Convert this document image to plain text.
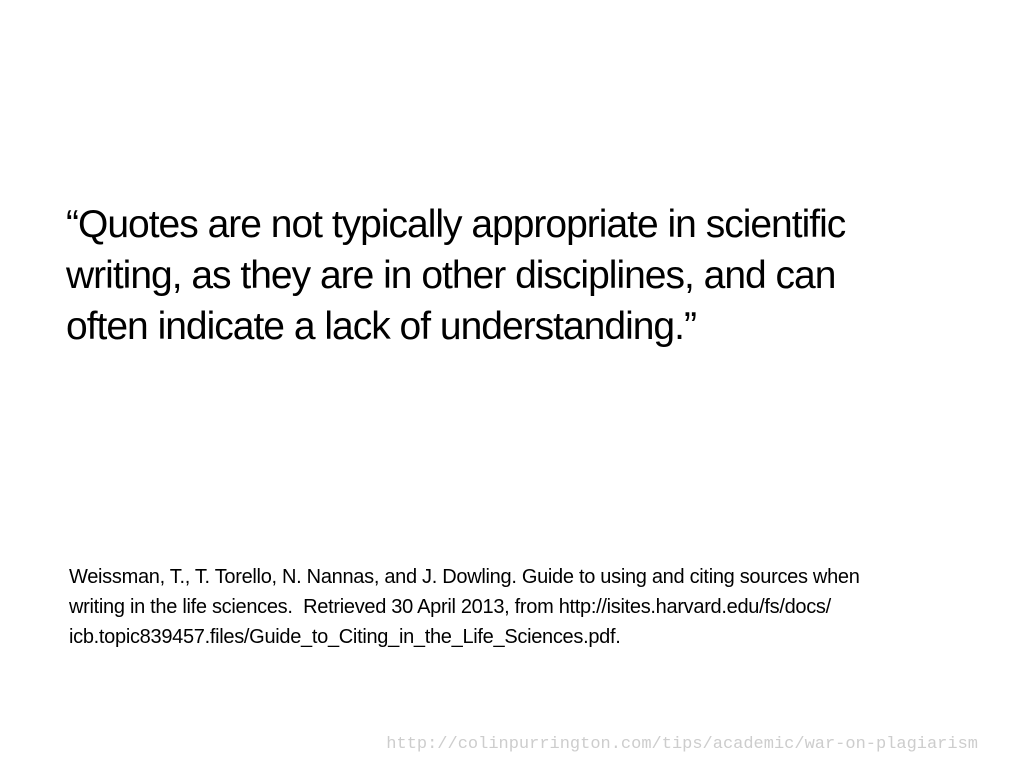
“Quotes are not typically appropriate in scientific
writing, as they are in other disciplines, and can
often indicate a lack of understanding.”
Weissman, T., T. Torello, N. Nannas, and J. Dowling. Guide to using and citing sources when
writing in the life sciences.  Retrieved 30 April 2013, from http://isites.harvard.edu/fs/docs/
icb.topic839457.files/Guide_to_Citing_in_the_Life_Sciences.pdf.
http://colinpurrington.com/tips/academic/war-on-plagiarism
